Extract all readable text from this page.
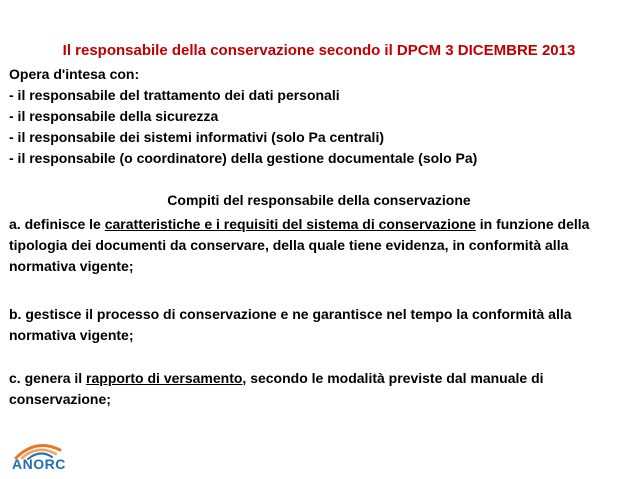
Il responsabile della conservazione secondo il DPCM 3 DICEMBRE 2013
Opera d'intesa con:
- il responsabile del trattamento dei dati personali
- il responsabile della sicurezza
- il responsabile dei sistemi informativi (solo Pa centrali)
- il responsabile (o coordinatore) della gestione documentale (solo Pa)
Compiti del responsabile della conservazione
a. definisce le caratteristiche e i requisiti del sistema di conservazione in funzione della tipologia dei documenti da conservare, della quale tiene evidenza, in conformità alla normativa vigente;
b. gestisce il processo di conservazione e ne garantisce nel tempo la conformità alla normativa vigente;
c. genera il rapporto di versamento, secondo le modalità previste dal manuale di conservazione;
ANORC
